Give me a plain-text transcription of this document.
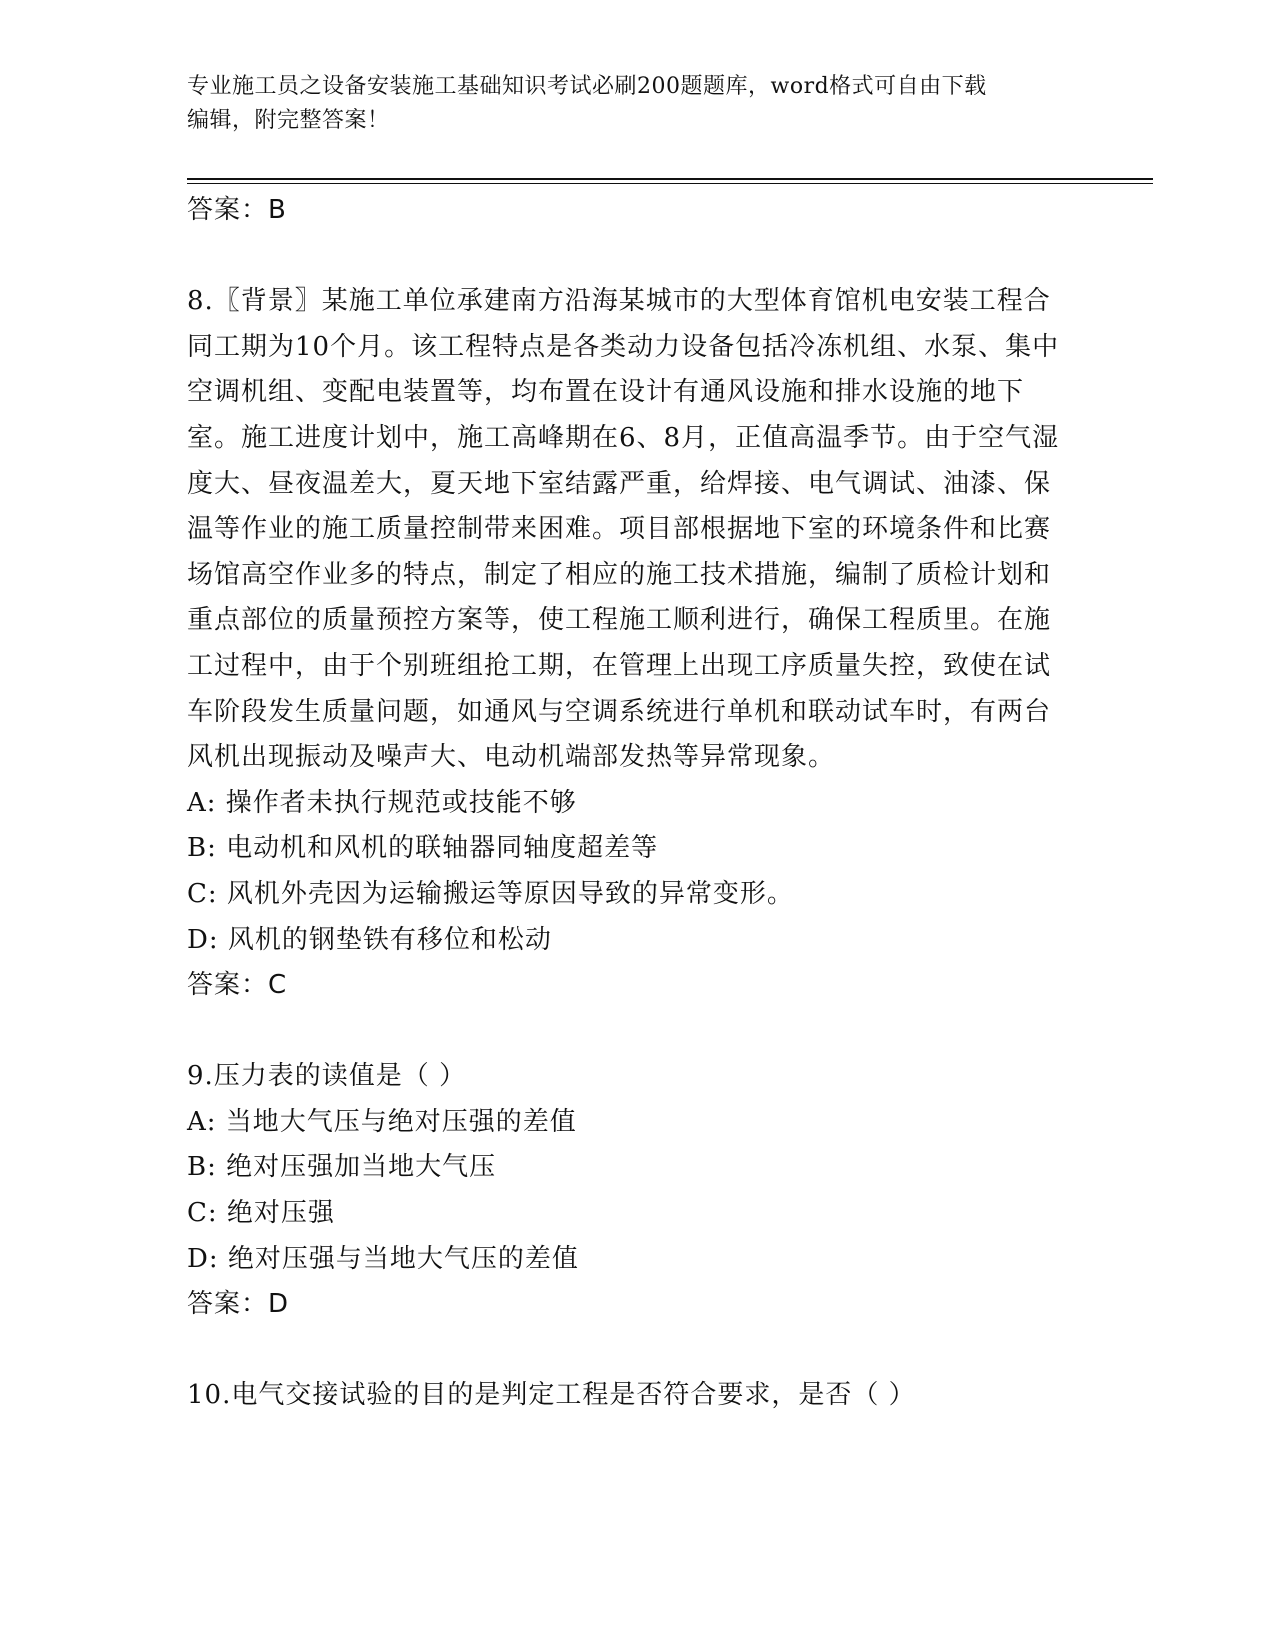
专业施工员之设备安装施工基础知识考试必刷200题题库，word格式可自由下载

编辑，附完整答案！

答案：B

8.〖背景〗某施工单位承建南方沿海某城市的大型体育馆机电安装工程合同工期为10个月。该工程特点是各类动力设备包括冷冻机组、水泵、集中空调机组、变配电装置等，均布置在设计有通风设施和排水设施的地下室。施工进度计划中，施工高峰期在6、8月，正值高温季节。由于空气湿度大、昼夜温差大，夏天地下室结露严重，给焊接、电气调试、油漆、保温等作业的施工质量控制带来困难。项目部根据地下室的环境条件和比赛场馆高空作业多的特点，制定了相应的施工技术措施，编制了质检计划和重点部位的质量预控方案等，使工程施工顺利进行，确保工程质里。在施工过程中，由于个别班组抢工期，在管理上出现工序质量失控，致使在试车阶段发生质量问题，如通风与空调系统进行单机和联动试车时，有两台风机出现振动及噪声大、电动机端部发热等异常现象。

A: 操作者未执行规范或技能不够

B: 电动机和风机的联轴器同轴度超差等

C: 风机外壳因为运输搬运等原因导致的异常变形。

D: 风机的钢垫铁有移位和松动

答案：C

9.压力表的读值是（ ）

A: 当地大气压与绝对压强的差值

B: 绝对压强加当地大气压

C: 绝对压强

D: 绝对压强与当地大气压的差值

答案：D

10.电气交接试验的目的是判定工程是否符合要求，是否（ ）
